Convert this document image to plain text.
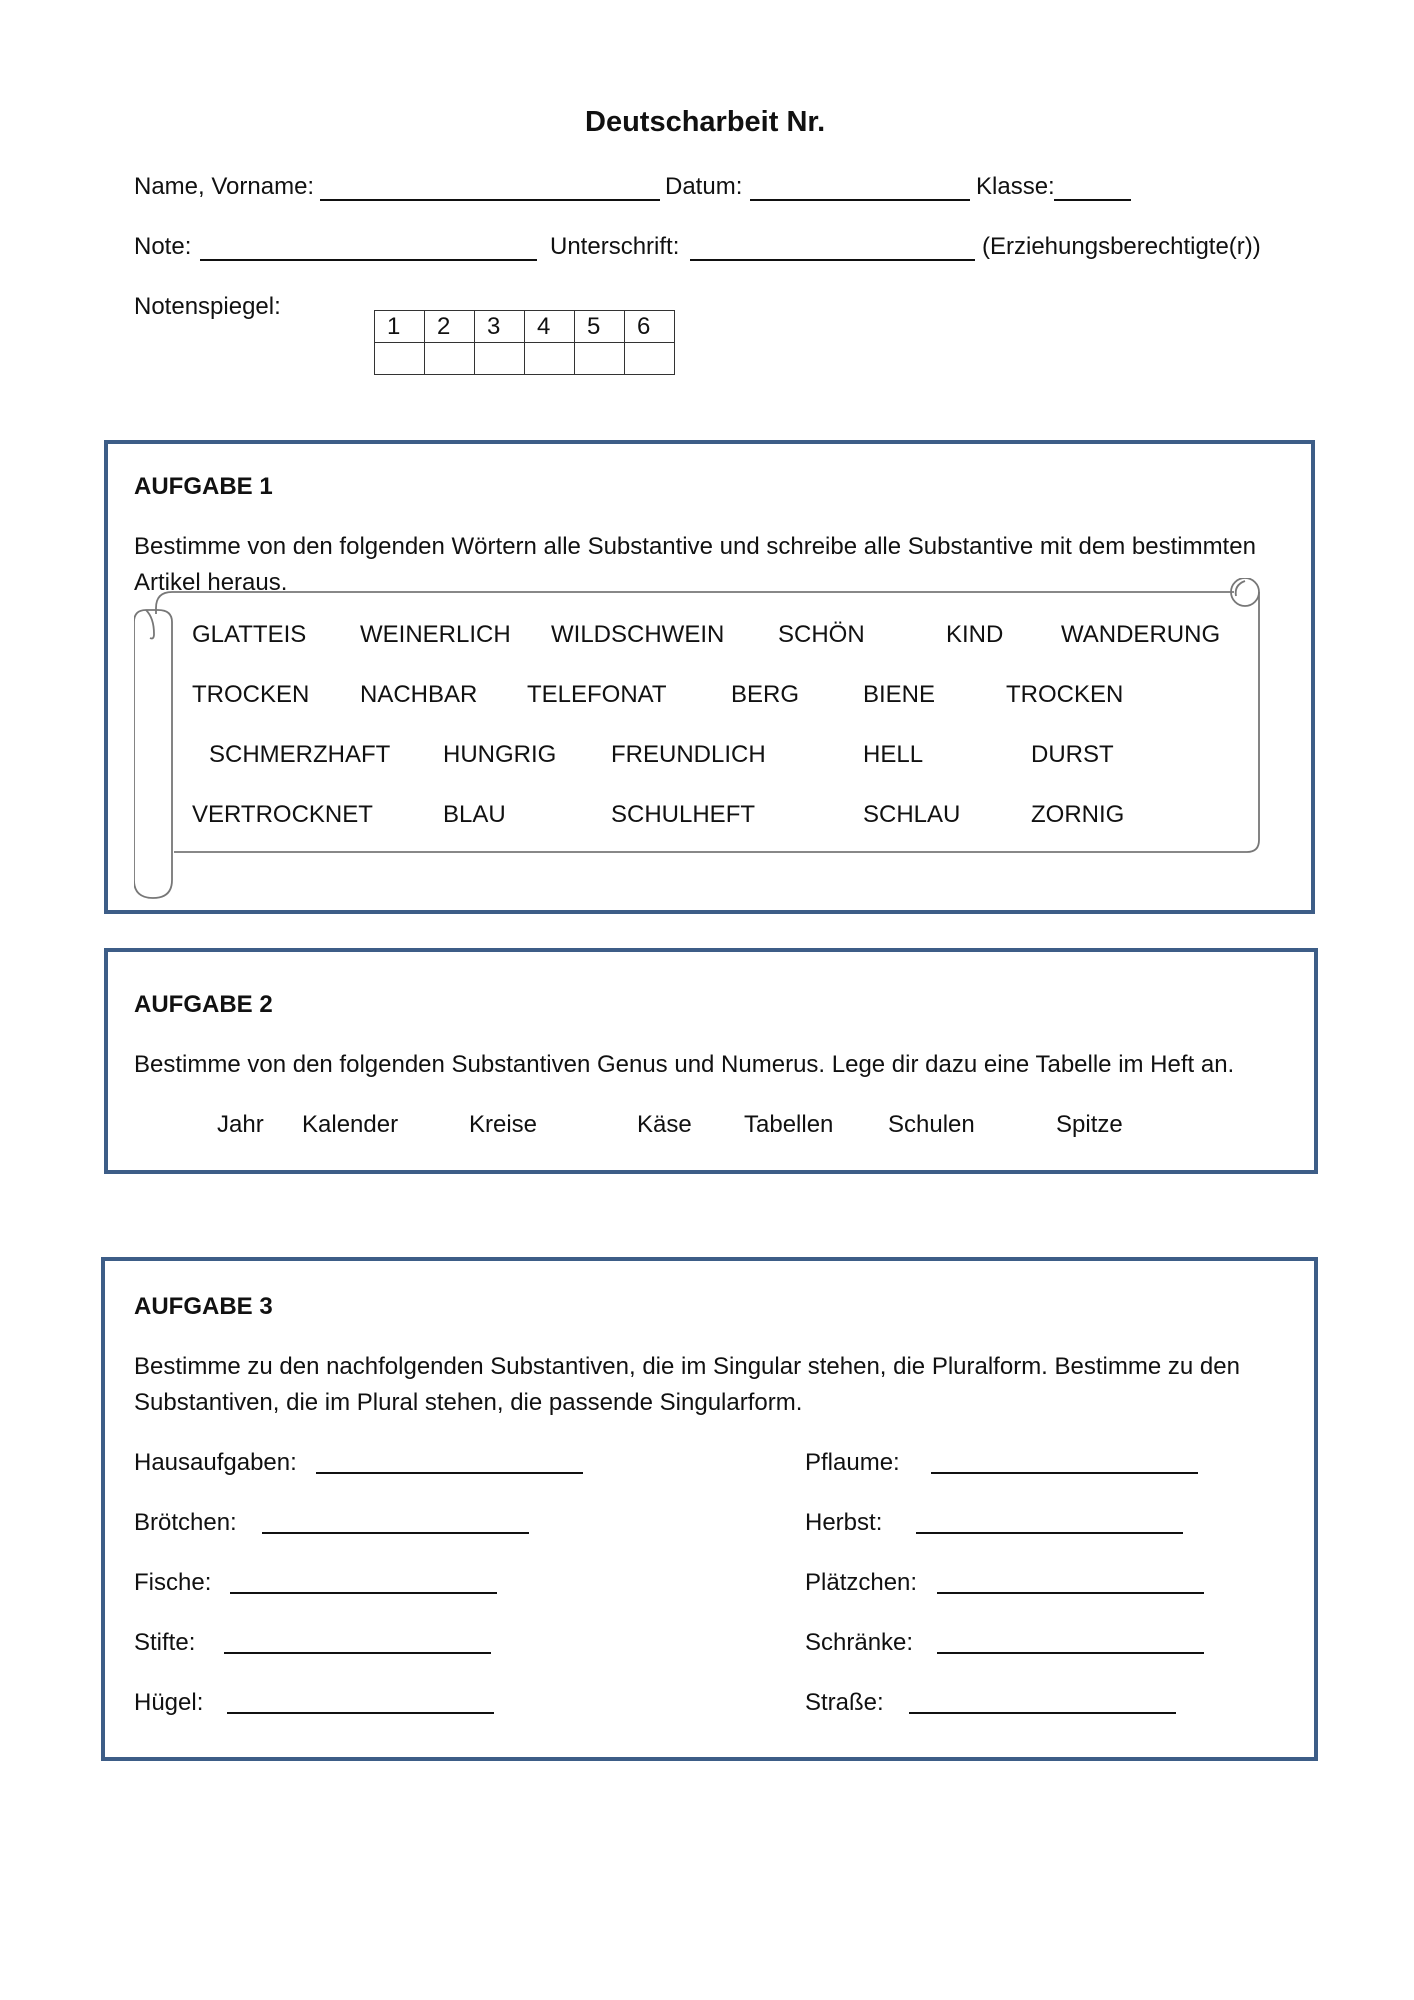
Deutscharbeit Nr.
Name, Vorname:	Datum:	Klasse:
Note:	Unterschrift:	(Erziehungsberechtigte(r))
Notenspiegel:
1	2	3	4	5	6

AUFGABE 1
Bestimme von den folgenden Wörtern alle Substantive und schreibe alle Substantive mit dem bestimmten
Artikel heraus.
GLATTEIS WEINERLICH WILDSCHWEIN SCHÖN	KIND WANDERUNG
TROCKEN NACHBAR TELEFONAT	BERG	BIENE	TROCKEN
SCHMERZHAFT HUNGRIG FREUNDLICH	HELL	DURST
VERTROCKNET	BLAU	SCHULHEFT	SCHLAU	ZORNIG
AUFGABE 2
Bestimme von den folgenden Substantiven Genus und Numerus. Lege dir dazu eine Tabelle im Heft an.
Jahr Kalender	Kreise	Käse Tabellen Schulen	Spitze
AUFGABE 3
Bestimme zu den nachfolgenden Substantiven, die im Singular stehen, die Pluralform. Bestimme zu den
Substantiven, die im Plural stehen, die passende Singularform.
Hausaufgaben:
Brötchen:
Fische:
Stifte:
Hügel:
Pflaume:
Herbst:
Plätzchen:
Schränke:
Straße:
